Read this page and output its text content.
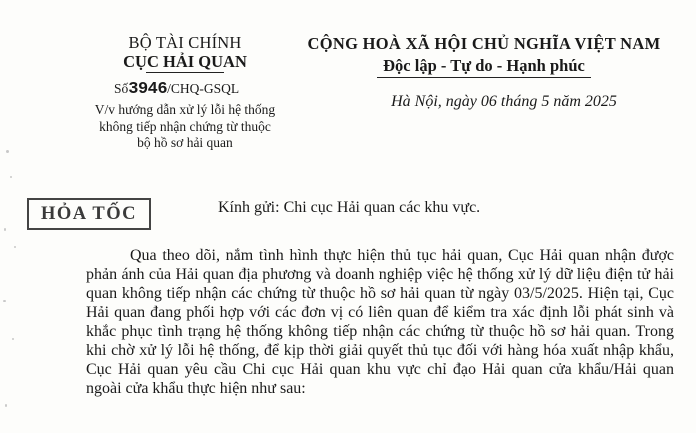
BỘ TÀI CHÍNH
CỤC HẢI QUAN
Số3946/CHQ-GSQL
V/v hướng dẫn xử lý lỗi hệ thống
không tiếp nhận chứng từ thuộc
bộ hồ sơ hải quan
CỘNG HOÀ XÃ HỘI CHỦ NGHĨA VIỆT NAM
Độc lập - Tự do - Hạnh phúc
Hà Nội, ngày 06 tháng 5 năm 2025
HỎA TỐC	Kính gửi: Chi cục Hải quan các khu vực.
Qua theo dõi, nắm tình hình thực hiện thủ tục hải quan, Cục Hải quan nhận được phản ánh của Hải quan địa phương và doanh nghiệp việc hệ thống xử lý dữ liệu điện tử hải quan không tiếp nhận các chứng từ thuộc hồ sơ hải quan từ ngày 03/5/2025. Hiện tại, Cục Hải quan đang phối hợp với các đơn vị có liên quan để kiểm tra xác định lỗi phát sinh và khắc phục tình trạng hệ thống không tiếp nhận các chứng từ thuộc hồ sơ hải quan. Trong khi chờ xử lý lỗi hệ thống, để kịp thời giải quyết thủ tục đối với hàng hóa xuất nhập khẩu, Cục Hải quan yêu cầu Chi cục Hải quan khu vực chỉ đạo Hải quan cửa khẩu/Hải quan ngoài cửa khẩu thực hiện như sau:
